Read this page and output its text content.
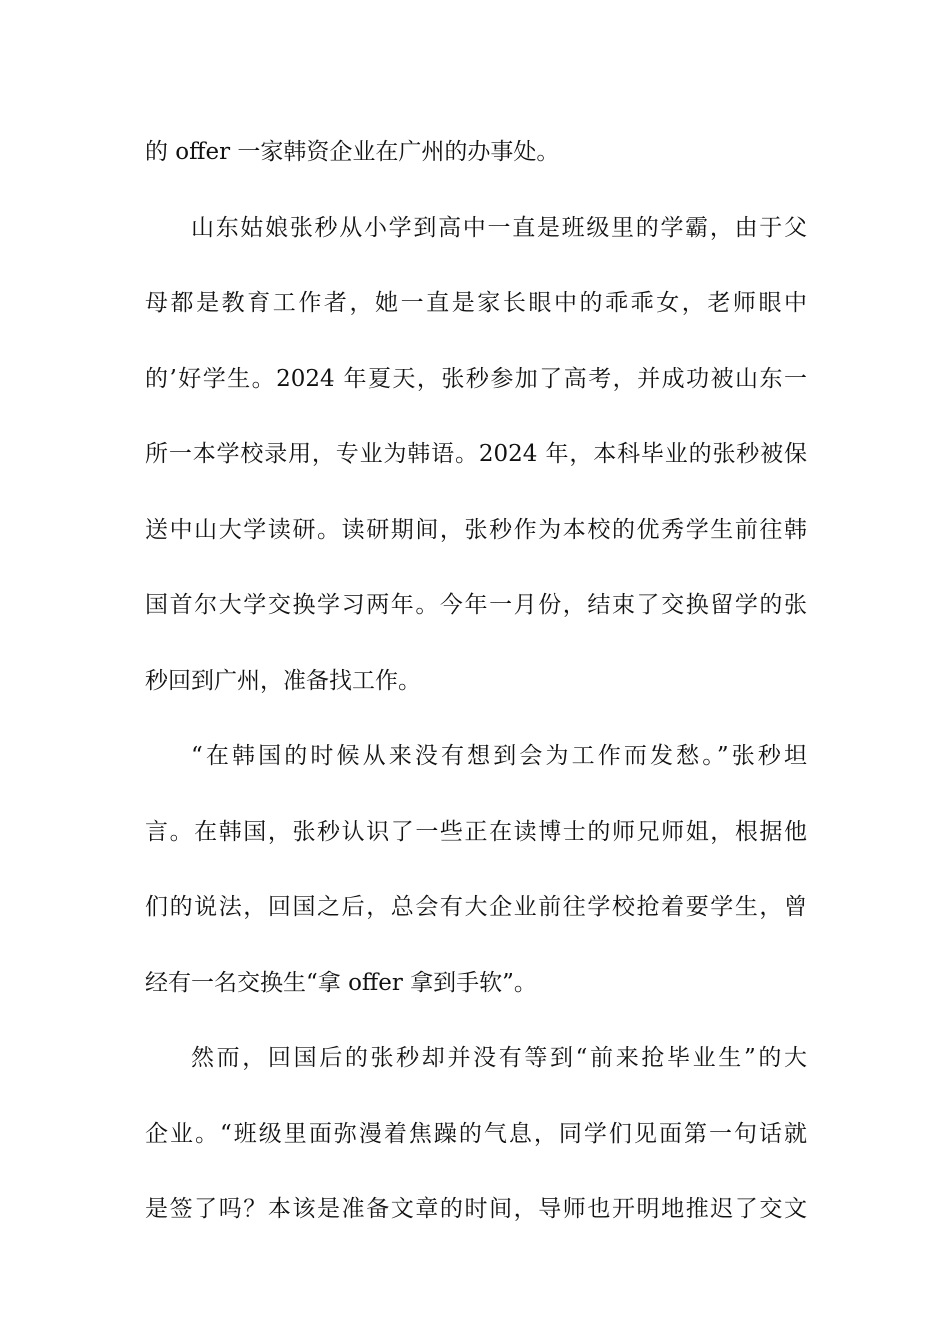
的 offer 一家韩资企业在广州的办事处。
山东姑娘张秒从小学到高中一直是班级里的学霸，由于父
母都是教育工作者，她一直是家长眼中的乖乖女，老师眼中
的’好学生。2024 年夏天，张秒参加了高考，并成功被山东一
所一本学校录用，专业为韩语。2024 年，本科毕业的张秒被保
送中山大学读研。读研期间，张秒作为本校的优秀学生前往韩
国首尔大学交换学习两年。今年一月份，结束了交换留学的张
秒回到广州，准备找工作。
“在韩国的时候从来没有想到会为工作而发愁。”张秒坦
言。在韩国，张秒认识了一些正在读博士的师兄师姐，根据他
们的说法，回国之后，总会有大企业前往学校抢着要学生，曾
经有一名交换生“拿 offer 拿到手软”。
然而，回国后的张秒却并没有等到“前来抢毕业生”的大
企业。“班级里面弥漫着焦躁的气息，同学们见面第一句话就
是签了吗？本该是准备文章的时间，导师也开明地推迟了交文
